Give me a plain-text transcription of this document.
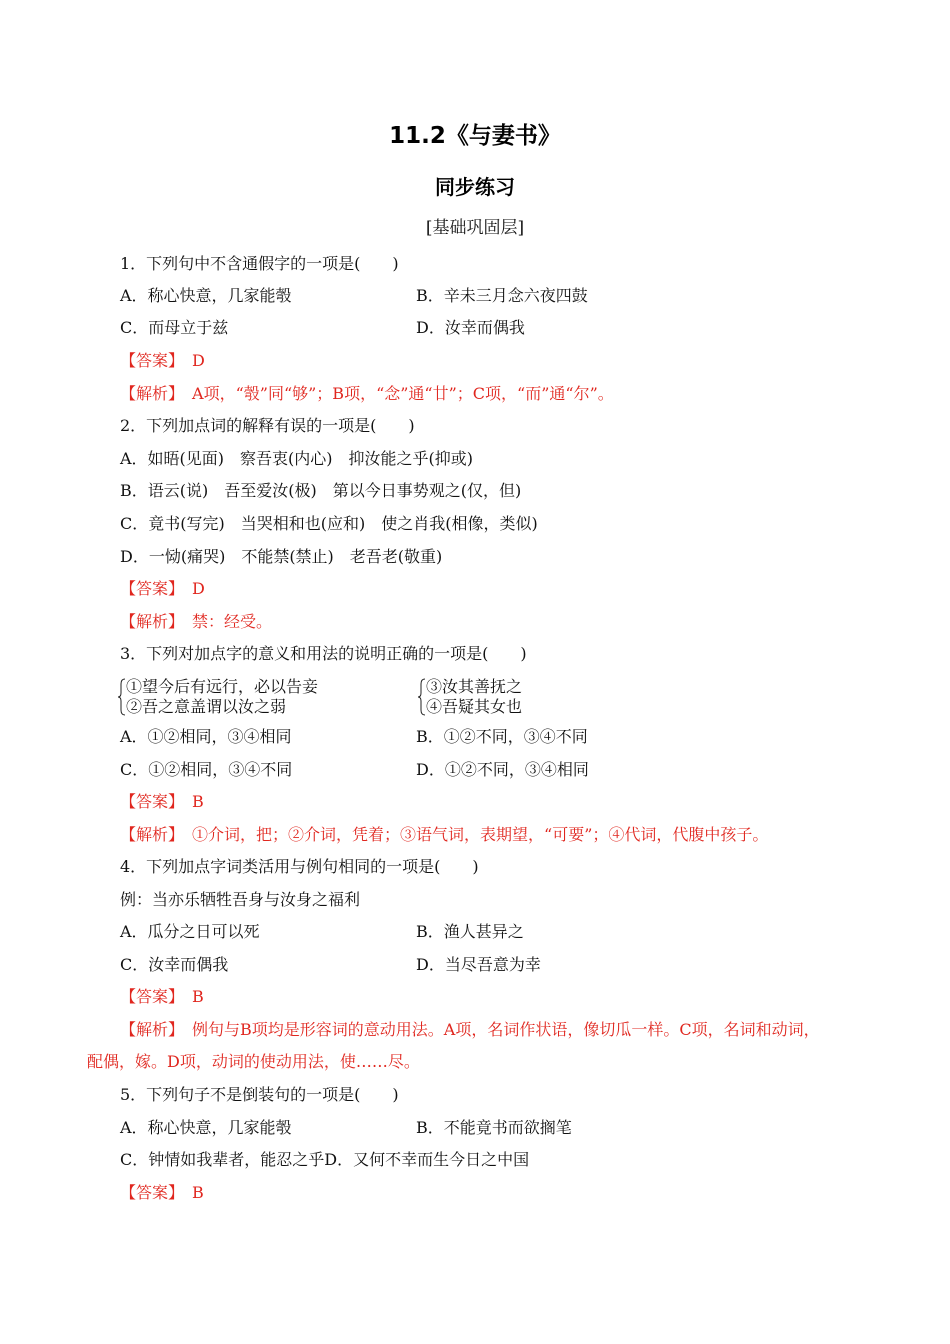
11.2《与妻书》
同步练习
[基础巩固层]
1．下列句中不含通假字的一项是(　　)
A．称心快意，几家能彀	B．辛未三月念六夜四鼓
C．而母立于兹	D．汝幸而偶我
【答案】　 D
【解析】　 A项，“彀”同“够”；B项，“念”通“廿”；C项，“而”通“尔”。
2．下列加点词的解释有误的一项是(　　)
A．如晤(见面)　察吾衷(内心)　抑汝能之乎(抑或)
B．语云(说)　吾至爱汝(极)　第以今日事势观之(仅，但)
C．竟书(写完)　当哭相和也(应和)　使之肖我(相像，类似)
D．一恸(痛哭)　不能禁(禁止)　老吾老(敬重)
【答案】　 D
【解析】　 禁：经受。
3．下列对加点字的意义和用法的说明正确的一项是(　　)
①望今后有远行，必以告妾
②吾之意盖谓以汝之弱
③汝其善抚之
④吾疑其女也
A．①②相同，③④相同	B．①②不同，③④不同
C．①②相同，③④不同	D．①②不同，③④相同
【答案】　 B
【解析】　 ①介词，把；②介词，凭着；③语气词，表期望，“可要”；④代词，代腹中孩子。
4．下列加点字词类活用与例句相同的一项是(　　)
例：当亦乐牺牲吾身与汝身之福利
A．瓜分之日可以死	B．渔人甚异之
C．汝幸而偶我	D．当尽吾意为幸
【答案】　 B
【解析】　 例句与B项均是形容词的意动用法。A项，名词作状语，像切瓜一样。C项，名词和动词，
配偶，嫁。D项，动词的使动用法，使……尽。
5．下列句子不是倒装句的一项是(　　)
A．称心快意，几家能彀	B．不能竟书而欲搁笔
C．钟情如我辈者，能忍之乎D．又何不幸而生今日之中国
【答案】　 B
